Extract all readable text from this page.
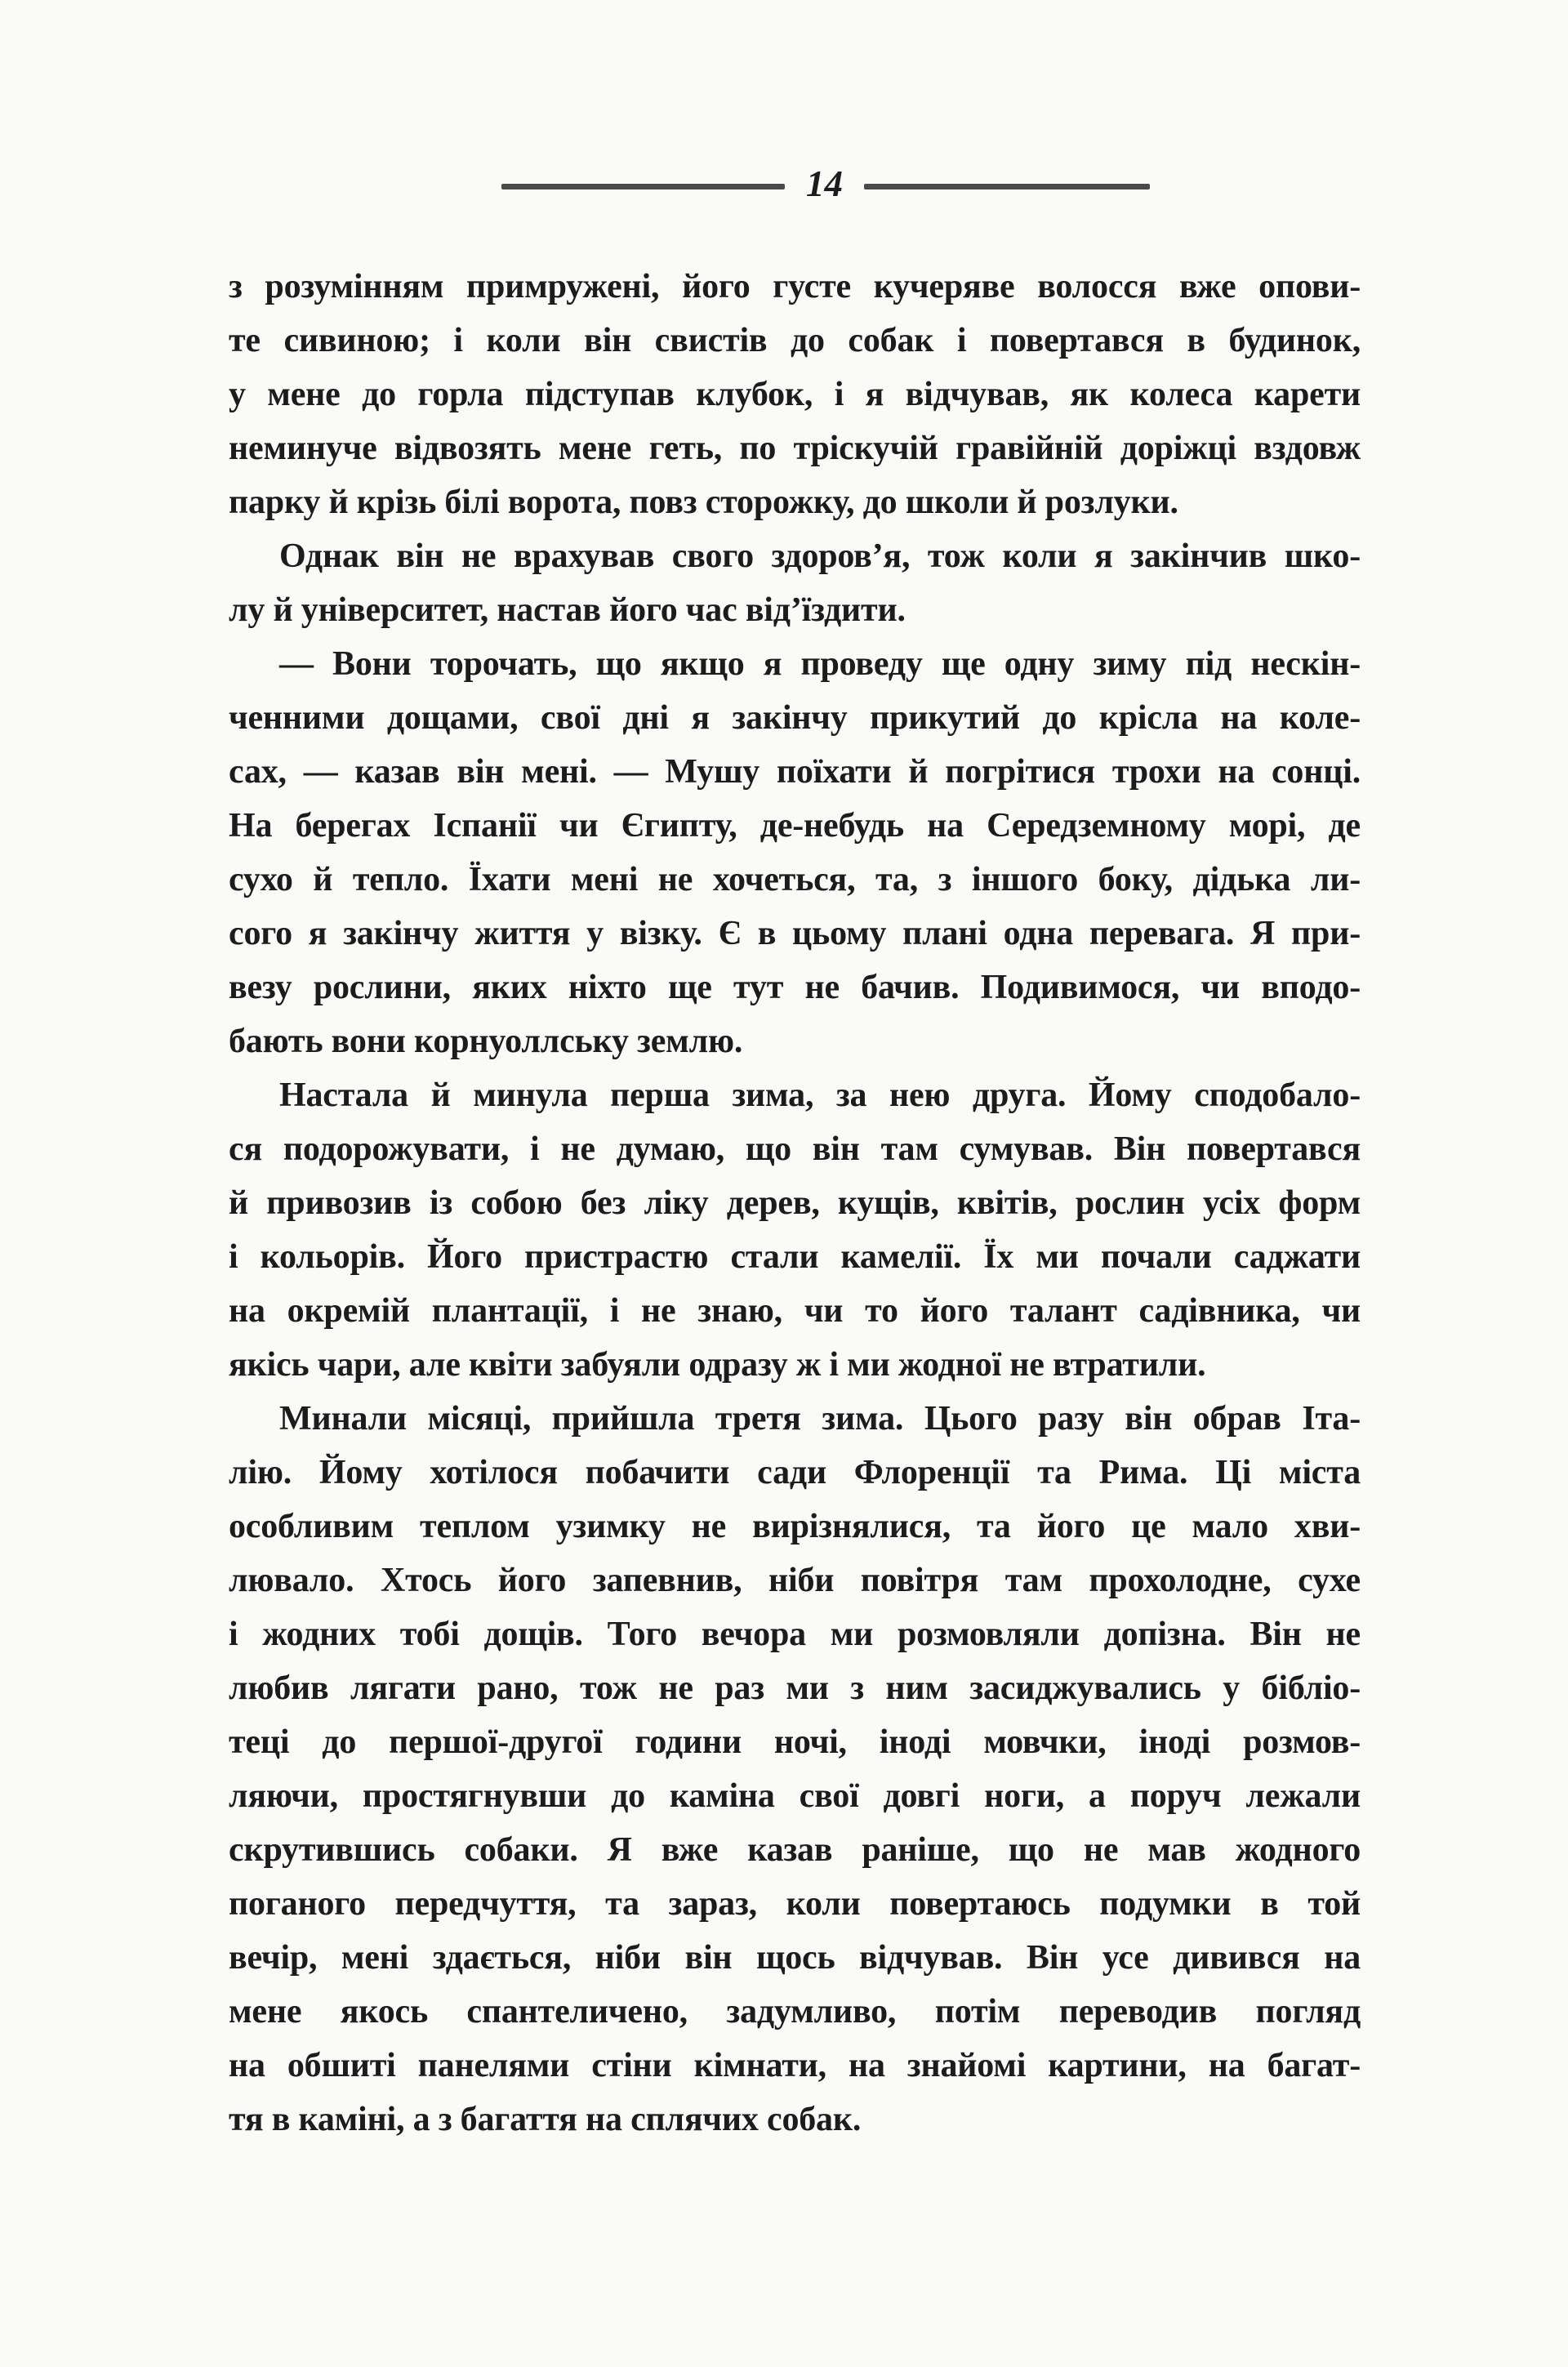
14
з розумінням примружені, його густе кучеряве волосся вже опови-
те сивиною; і коли він свистів до собак і повертався в будинок,
у мене до горла підступав клубок, і я відчував, як колеса карети
неминуче відвозять мене геть, по тріскучій гравійній доріжці вздовж
парку й крізь білі ворота, повз сторожку, до школи й розлуки.
Однак він не врахував свого здоров’я, тож коли я закінчив шко-
лу й університет, настав його час від’їздити.
— Вони торочать, що якщо я проведу ще одну зиму під нескін-
ченними дощами, свої дні я закінчу прикутий до крісла на коле-
сах, — казав він мені. — Мушу поїхати й погрітися трохи на сонці.
На берегах Іспанії чи Єгипту, де-небудь на Середземному морі, де
сухо й тепло. Їхати мені не хочеться, та, з іншого боку, дідька ли-
сого я закінчу життя у візку. Є в цьому плані одна перевага. Я при-
везу рослини, яких ніхто ще тут не бачив. Подивимося, чи вподо-
бають вони корнуоллську землю.
Настала й минула перша зима, за нею друга. Йому сподобало-
ся подорожувати, і не думаю, що він там сумував. Він повертався
й привозив із собою без ліку дерев, кущів, квітів, рослин усіх форм
і кольорів. Його пристрастю стали камелії. Їх ми почали саджати
на окремій плантації, і не знаю, чи то його талант садівника, чи
якісь чари, але квіти забуяли одразу ж і ми жодної не втратили.
Минали місяці, прийшла третя зима. Цього разу він обрав Іта-
лію. Йому хотілося побачити сади Флоренції та Рима. Ці міста
особливим теплом узимку не вирізнялися, та його це мало хви-
лювало. Хтось його запевнив, ніби повітря там прохолодне, сухе
і жодних тобі дощів. Того вечора ми розмовляли допізна. Він не
любив лягати рано, тож не раз ми з ним засиджувались у бібліо-
теці до першої-другої години ночі, іноді мовчки, іноді розмов-
ляючи, простягнувши до каміна свої довгі ноги, а поруч лежали
скрутившись собаки. Я вже казав раніше, що не мав жодного
поганого передчуття, та зараз, коли повертаюсь подумки в той
вечір, мені здається, ніби він щось відчував. Він усе дивився на
мене якось спантеличено, задумливо, потім переводив погляд
на обшиті панелями стіни кімнати, на знайомі картини, на багат-
тя в каміні, а з багаття на сплячих собак.
